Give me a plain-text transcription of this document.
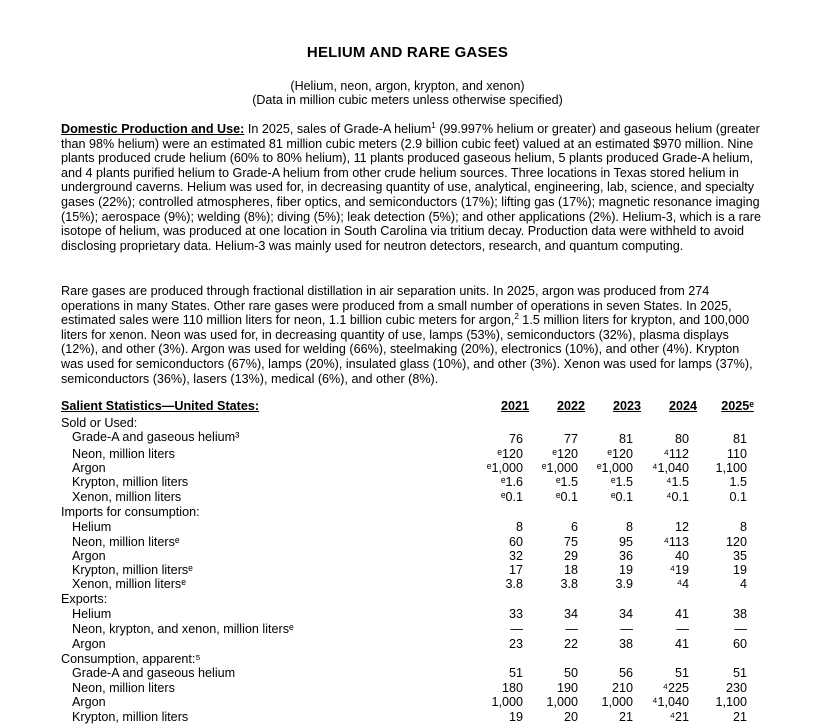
HELIUM AND RARE GASES
(Helium, neon, argon, krypton, and xenon)
(Data in million cubic meters unless otherwise specified)
Domestic Production and Use: In 2025, sales of Grade-A helium$^1$ (99.997% helium or greater) and gaseous helium (greater than 98% helium) were an estimated 81 million cubic meters (2.9 billion cubic feet) valued at an estimated $970 million. Nine plants produced crude helium (60% to 80% helium), 11 plants produced gaseous helium, 5 plants produced Grade-A helium, and 4 plants purified helium to Grade-A helium from other crude helium sources. Three locations in Texas stored helium in underground caverns. Helium was used for, in decreasing quantity of use, analytical, engineering, lab, science, and specialty gases (22%); controlled atmospheres, fiber optics, and semiconductors (17%); lifting gas (17%); magnetic resonance imaging (15%); aerospace (9%); welding (8%); diving (5%); leak detection (5%); and other applications (2%). Helium-3, which is a rare isotope of helium, was produced at one location in South Carolina via tritium decay. Production data were withheld to avoid disclosing proprietary data. Helium-3 was mainly used for neutron detectors, research, and quantum computing.
Rare gases are produced through fractional distillation in air separation units. In 2025, argon was produced from 274 operations in many States. Other rare gases were produced from a small number of operations in seven States. In 2025, estimated sales were 110 million liters for neon, 1.1 billion cubic meters for argon,$^2$ 1.5 million liters for krypton, and 100,000 liters for xenon. Neon was used for, in decreasing quantity of use, lamps (53%), semiconductors (32%), plasma displays (12%), and other (3%). Argon was used for welding (66%), steelmaking (20%), electronics (10%), and other (4%). Krypton was used for semiconductors (67%), lamps (20%), insulated glass (10%), and other (3%). Xenon was used for lamps (37%), semiconductors (36%), lasers (13%), medical (6%), and other (8%).
Salient Statistics—United States:	2021	2022	2023	2024	2025ᵉ
Sold or Used:
Grade-A and gaseous helium³	76	77	81	80	81
Neon, million liters	ᵉ120	ᵉ120	ᵉ120	⁴112	110
Argon	ᵉ1,000	ᵉ1,000	ᵉ1,000	⁴1,040	1,100
Krypton, million liters	ᵉ1.6	ᵉ1.5	ᵉ1.5	⁴1.5	1.5
Xenon, million liters	ᵉ0.1	ᵉ0.1	ᵉ0.1	⁴0.1	0.1
Imports for consumption:
Helium	8	6	8	12	8
Neon, million litersᵉ	60	75	95	⁴113	120
Argon	32	29	36	40	35
Krypton, million litersᵉ	17	18	19	⁴19	19
Xenon, million litersᵉ	3.8	3.8	3.9	⁴4	4
Exports:
Helium	33	34	34	41	38
Neon, krypton, and xenon, million litersᵉ	—	—	—	—	—
Argon	23	22	38	41	60
Consumption, apparent:⁵
Grade-A and gaseous helium	51	50	56	51	51
Neon, million liters	180	190	210	⁴225	230
Argon	1,000	1,000	1,000	⁴1,040	1,100
Krypton, million liters	19	20	21	⁴21	21
